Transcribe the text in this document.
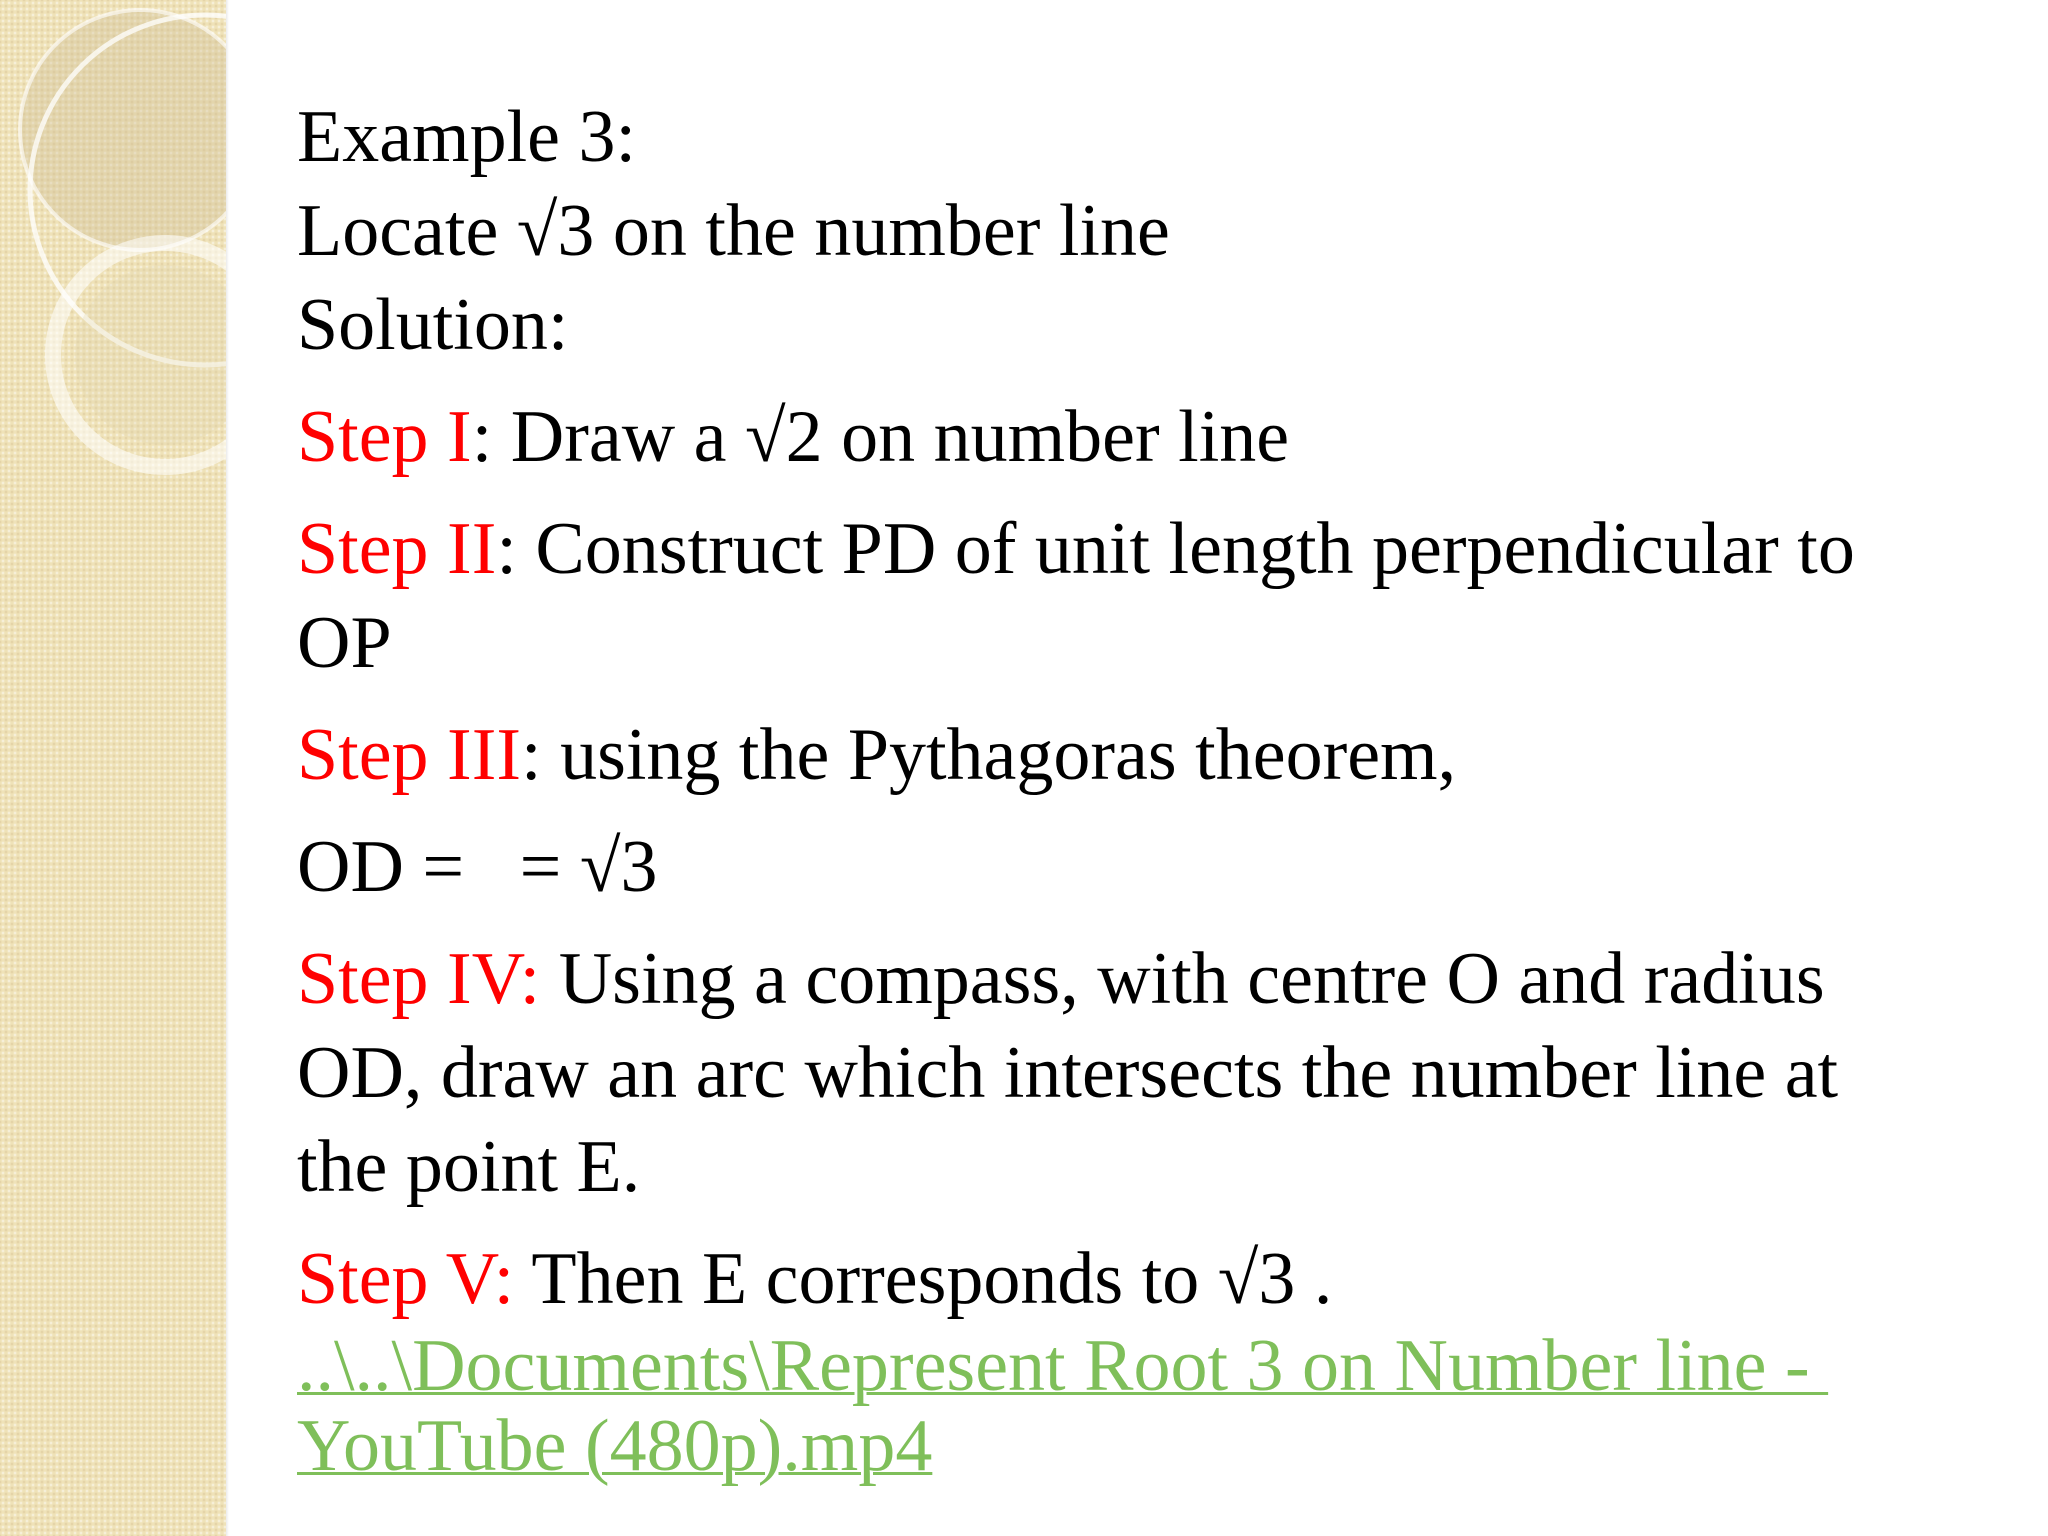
Example 3:

Locate √3 on the number line

Solution:

Step I: Draw a √2 on number line

Step II: Construct PD of unit length perpendicular to

OP

Step III: using the Pythagoras theorem,

OD =   = √3

Step IV: Using a compass, with centre O and radius

OD, draw an arc which intersects the number line at

the point E.

Step V: Then E corresponds to √3 .

..\..\Documents\Represent Root 3 on Number line -
YouTube (480p).mp4
